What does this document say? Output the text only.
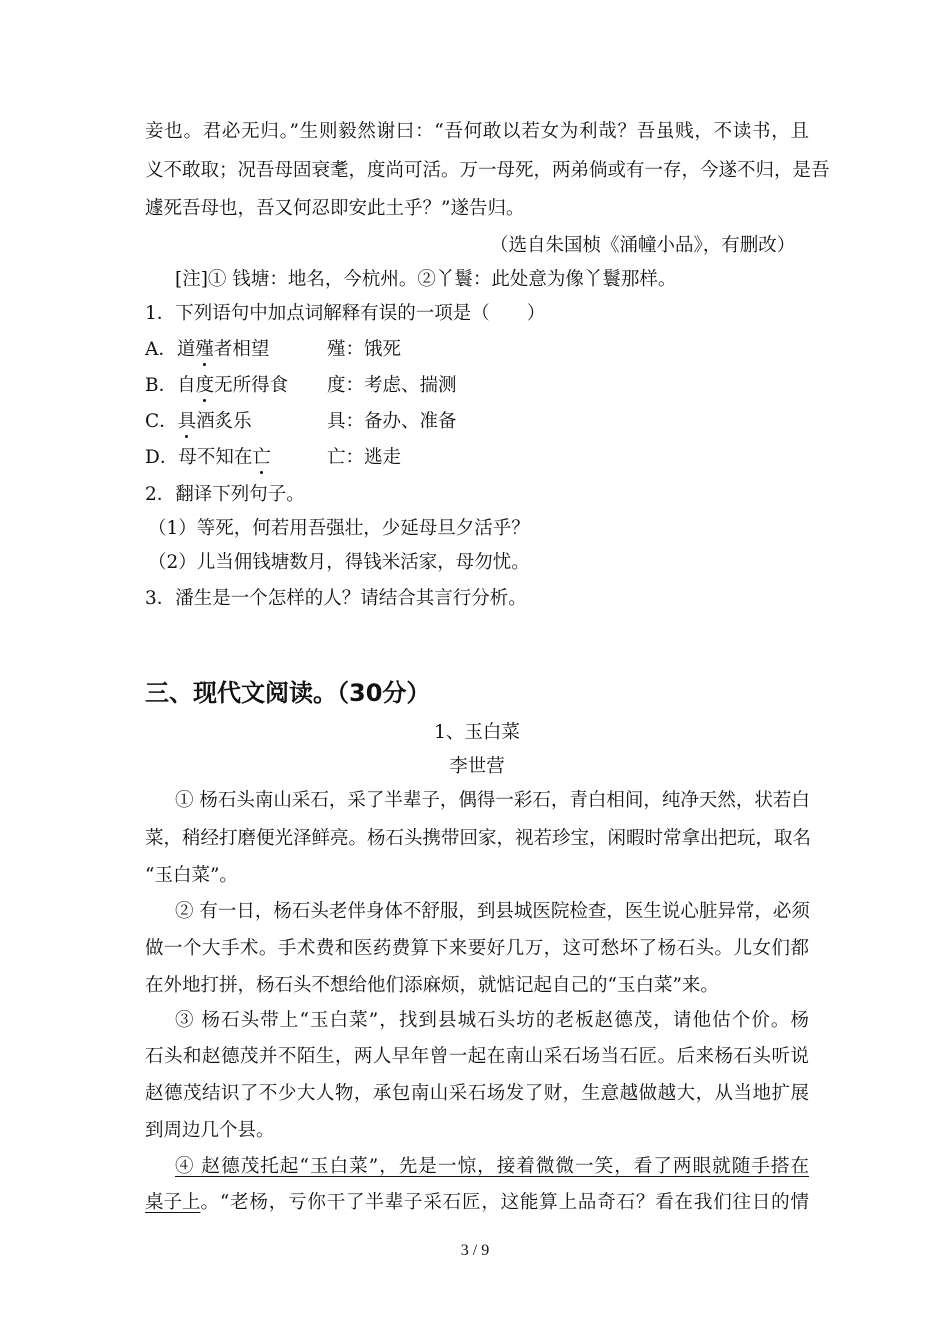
妾也。君必无归。”生则毅然谢曰：“吾何敢以若女为利哉？吾虽贱，不读书，且
义不敢取；况吾母固衰耄，度尚可活。万一母死，两弟倘或有一存，今遂不归，是吾
遽死吾母也，吾又何忍即安此土乎？”遂告归。
（选自朱国桢《涌幢小品》，有删改）
[注]① 钱塘：地名，今杭州。②丫鬟：此处意为像丫鬟那样。
1．下列语句中加点词解释有误的一项是（　　）
A．道殣者相望	殣：饿死
B．自度无所得食 度：考虑、揣测
C．具酒炙乐	具：备办、准备
D．母不知在亡	亡：逃走
2．翻译下列句子。
（1）等死，何若用吾强壮，少延母旦夕活乎？
（2）儿当佣钱塘数月，得钱米活家，母勿忧。
3．潘生是一个怎样的人？请结合其言行分析。
三、现代文阅读。（30分）
1、玉白菜
李世营
① 杨石头南山采石，采了半辈子，偶得一彩石，青白相间，纯净天然，状若白
菜，稍经打磨便光泽鲜亮。杨石头携带回家，视若珍宝，闲暇时常拿出把玩，取名
“玉白菜”。
② 有一日，杨石头老伴身体不舒服，到县城医院检查，医生说心脏异常，必须
做一个大手术。手术费和医药费算下来要好几万，这可愁坏了杨石头。儿女们都
在外地打拼，杨石头不想给他们添麻烦，就惦记起自己的“玉白菜”来。
③ 杨石头带上“玉白菜”，找到县城石头坊的老板赵德茂，请他估个价。杨
石头和赵德茂并不陌生，两人早年曾一起在南山采石场当石匠。后来杨石头听说
赵德茂结识了不少大人物，承包南山采石场发了财，生意越做越大，从当地扩展
到周边几个县。
④ 赵德茂托起“玉白菜”，先是一惊，接着微微一笑，看了两眼就随手搭在
桌子上 。“老杨，亏你干了半辈子采石匠，这能算上品奇石？看在我们往日的情
3 / 9
